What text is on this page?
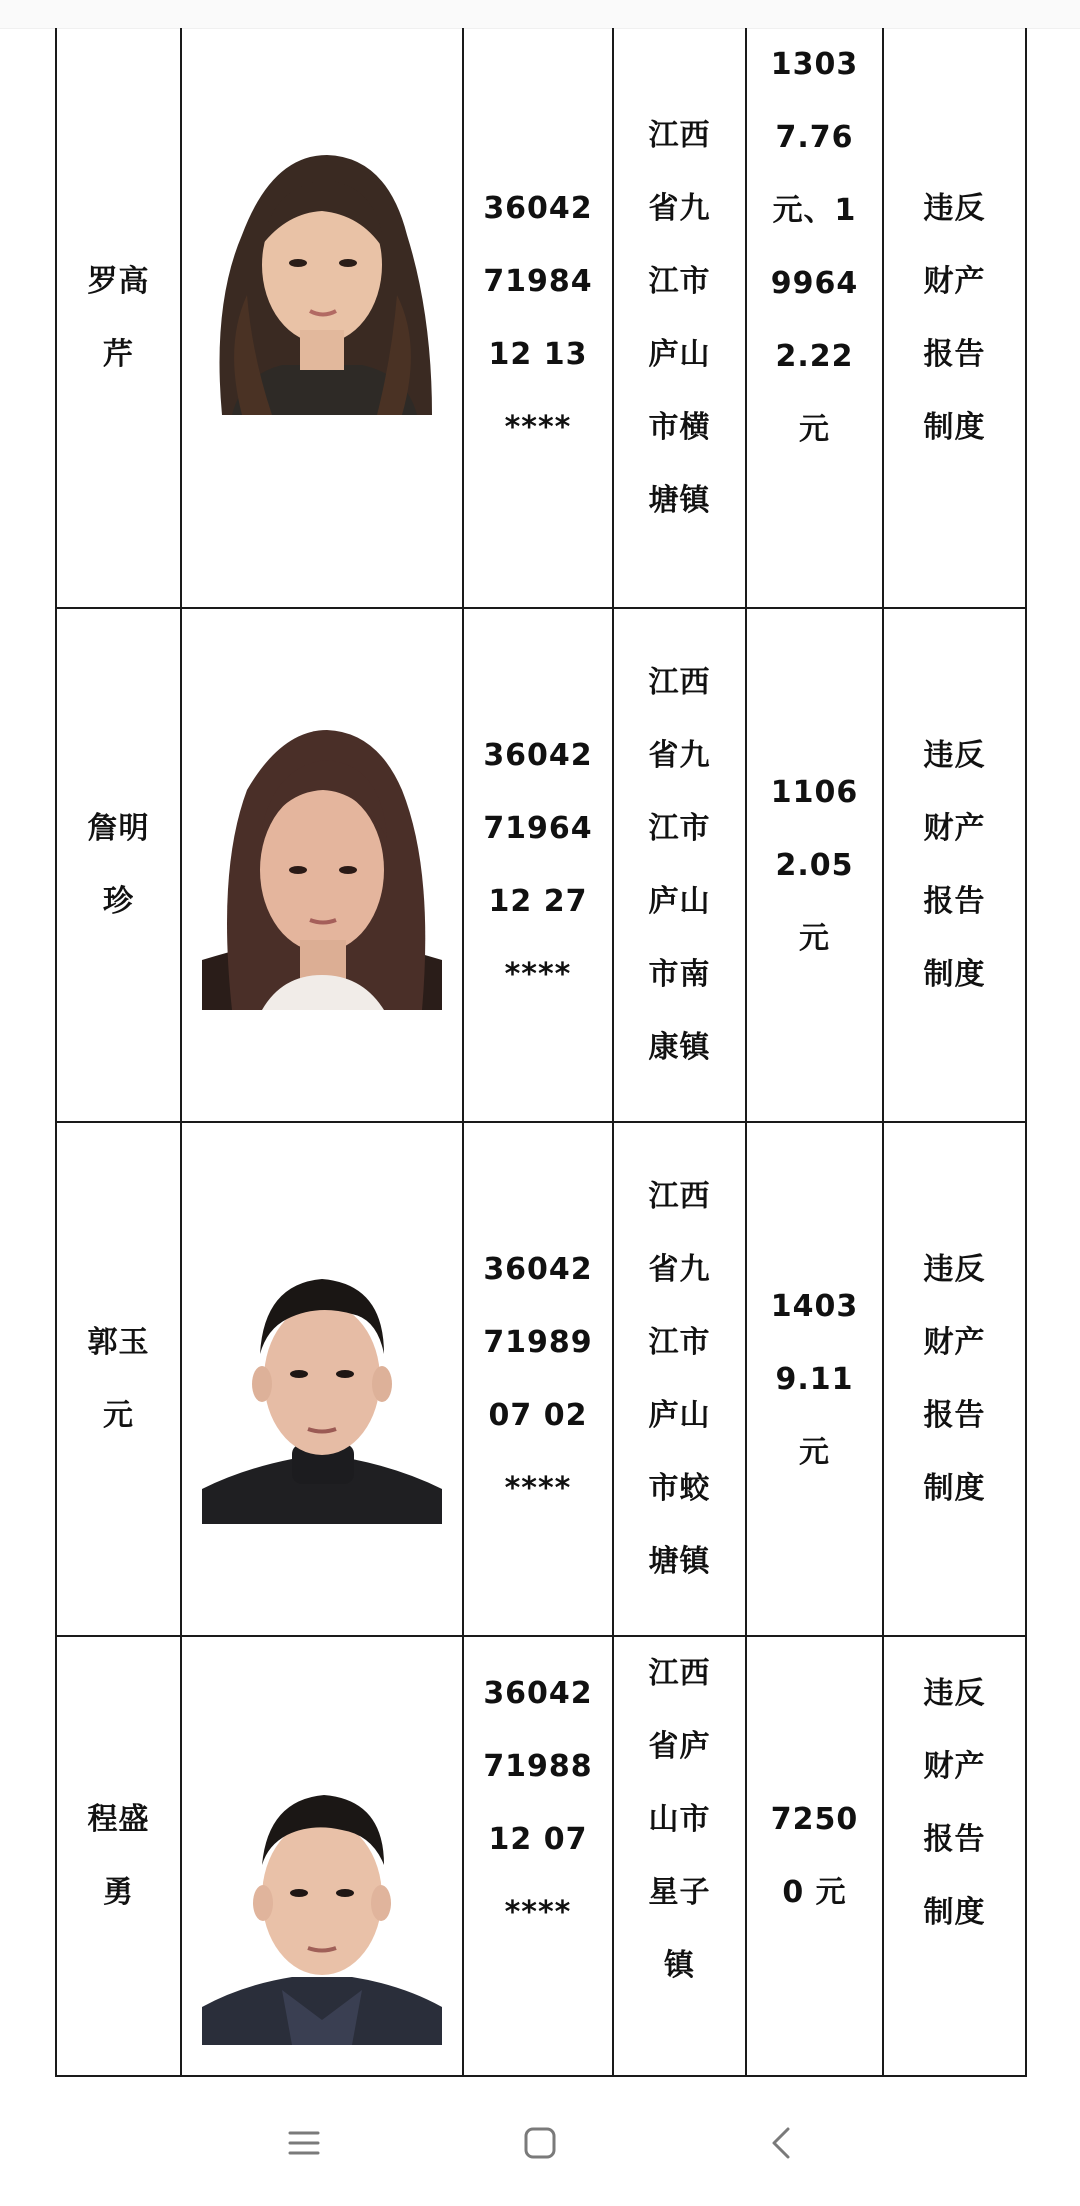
罗高芹		360427198412 13****	江西省九江市庐山市横塘镇	13037.76元、199642.22元	违反财产报告制度
詹明珍		360427196412 27****	江西省九江市庐山市南康镇	11062.05元	违反财产报告制度
郭玉元		360427198907 02****	江西省九江市庐山市蛟塘镇	14039.11元	违反财产报告制度
程盛勇		360427198812 07****	江西省庐山市星子镇	72500 元	违反财产报告制度
